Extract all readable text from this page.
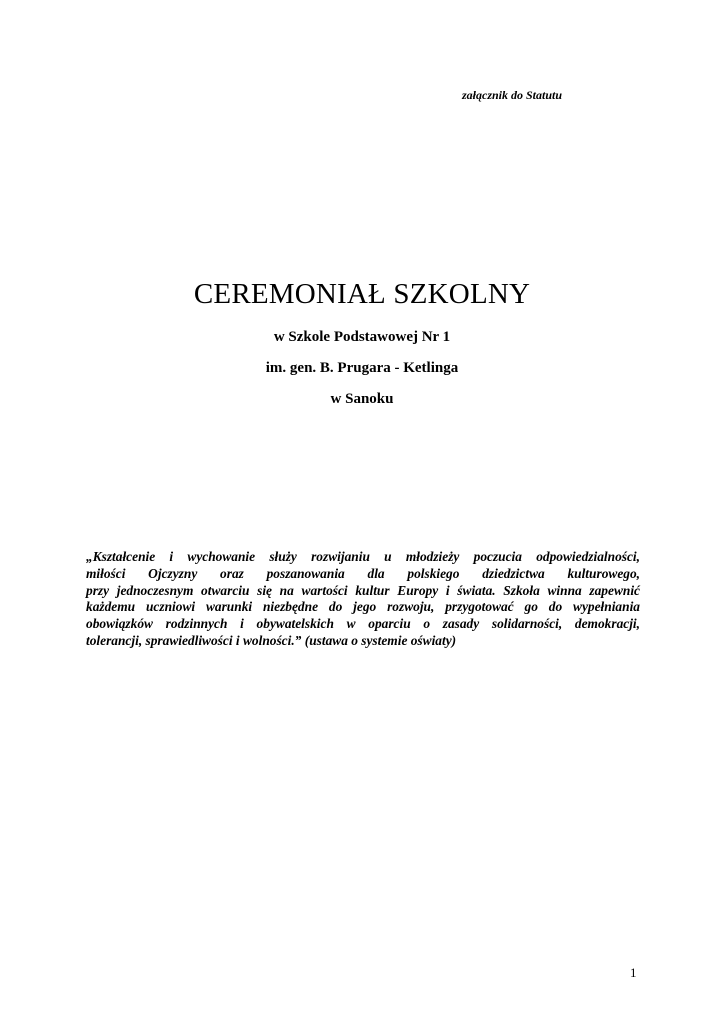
załącznik do Statutu
CEREMONIAŁ SZKOLNY
w Szkole Podstawowej Nr 1
im. gen. B. Prugara - Ketlinga
w Sanoku
„Kształcenie i wychowanie służy rozwijaniu u młodzieży poczucia odpowiedzialności,
miłości Ojczyzny oraz poszanowania dla polskiego dziedzictwa kulturowego,
przy jednoczesnym otwarciu się na wartości kultur Europy i świata. Szkoła winna zapewnić
każdemu uczniowi warunki niezbędne do jego rozwoju, przygotować go do wypełniania
obowiązków rodzinnych i obywatelskich w oparciu o zasady solidarności, demokracji,
tolerancji, sprawiedliwości i wolności.” (ustawa o systemie oświaty)
1
